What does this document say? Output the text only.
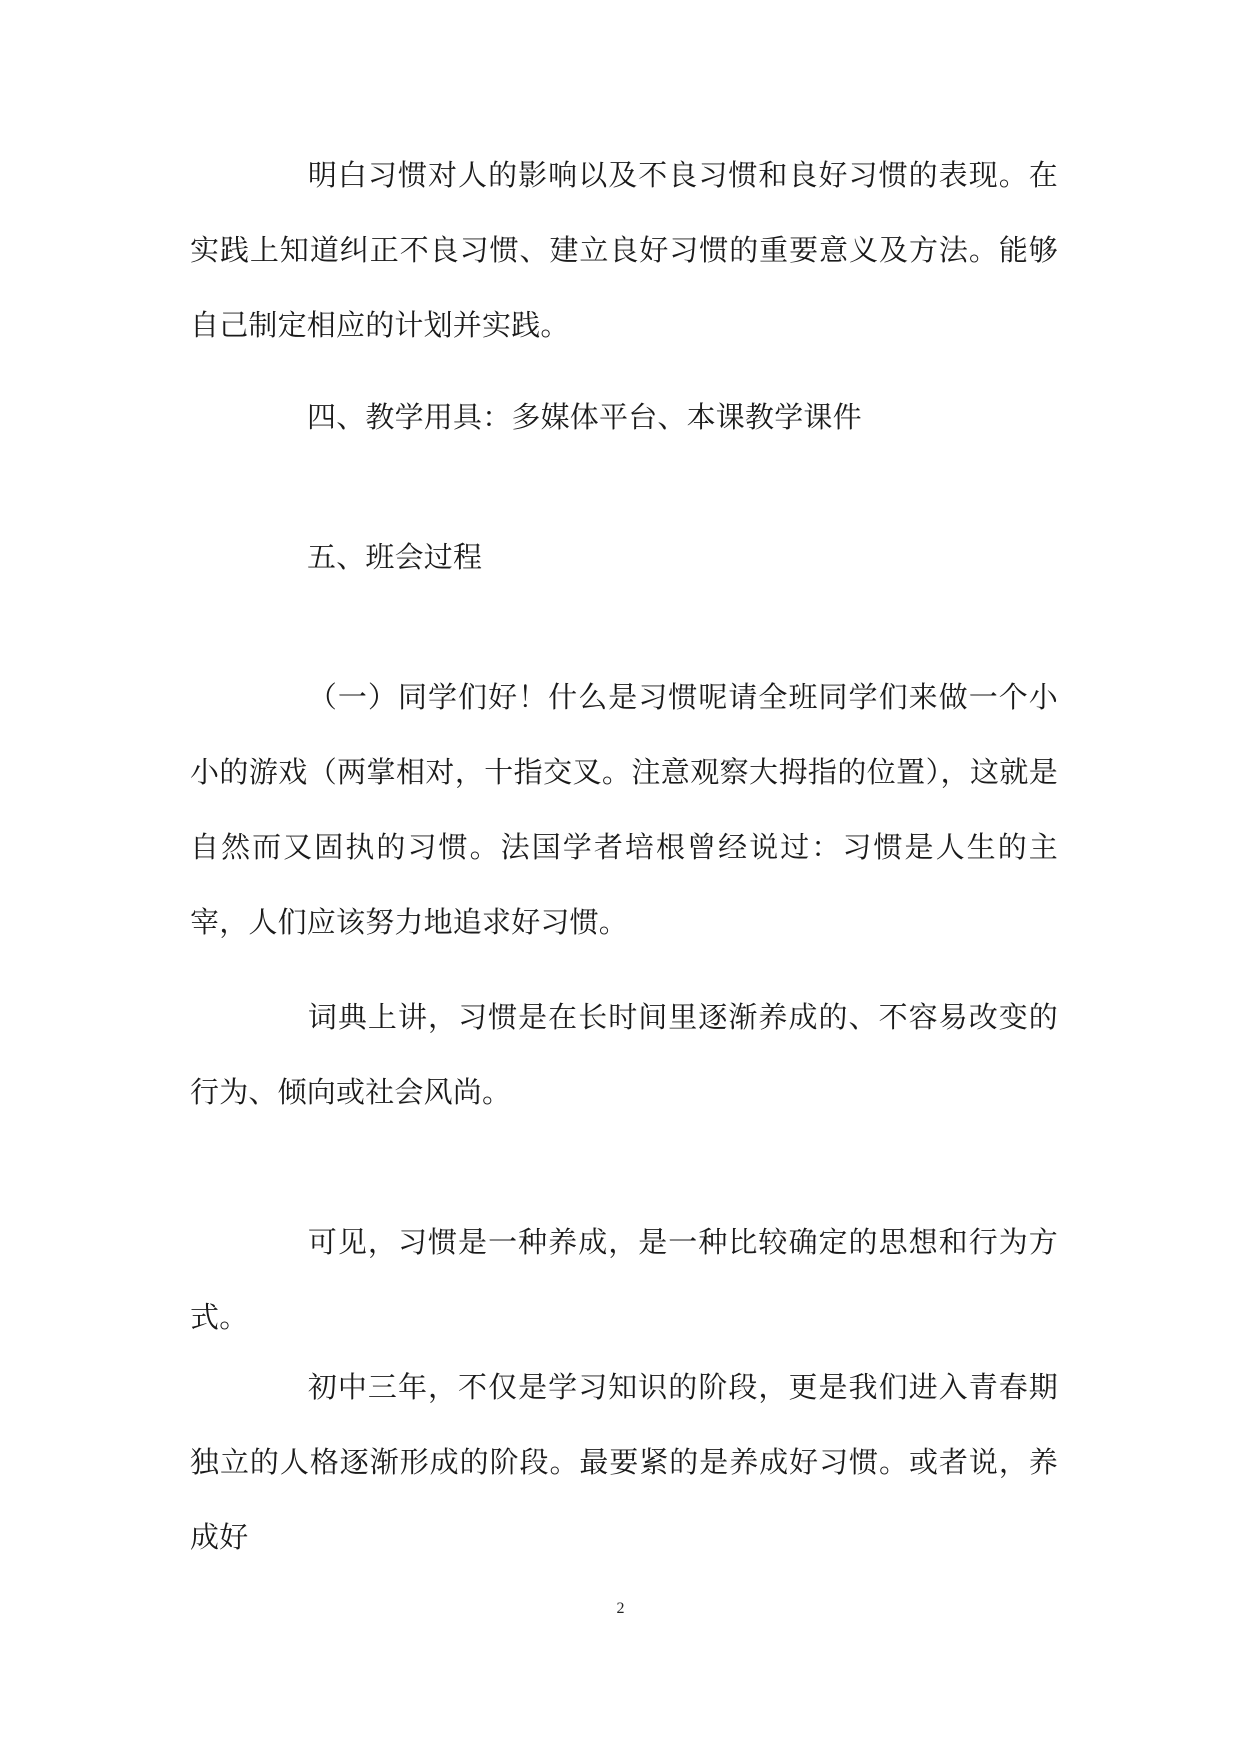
明白习惯对人的影响以及不良习惯和良好习惯的表现。在实践上知道纠正不良习惯、建立良好习惯的重要意义及方法。能够自己制定相应的计划并实践。

四、教学用具：多媒体平台、本课教学课件

五、班会过程

（一）同学们好！什么是习惯呢请全班同学们来做一个小小的游戏（两掌相对，十指交叉。注意观察大拇指的位置），这就是自然而又固执的习惯。法国学者培根曾经说过：习惯是人生的主宰，人们应该努力地追求好习惯。

词典上讲，习惯是在长时间里逐渐养成的、不容易改变的行为、倾向或社会风尚。

可见，习惯是一种养成，是一种比较确定的思想和行为方式。

初中三年，不仅是学习知识的阶段，更是我们进入青春期独立的人格逐渐形成的阶段。最要紧的是养成好习惯。或者说，养成好

2
